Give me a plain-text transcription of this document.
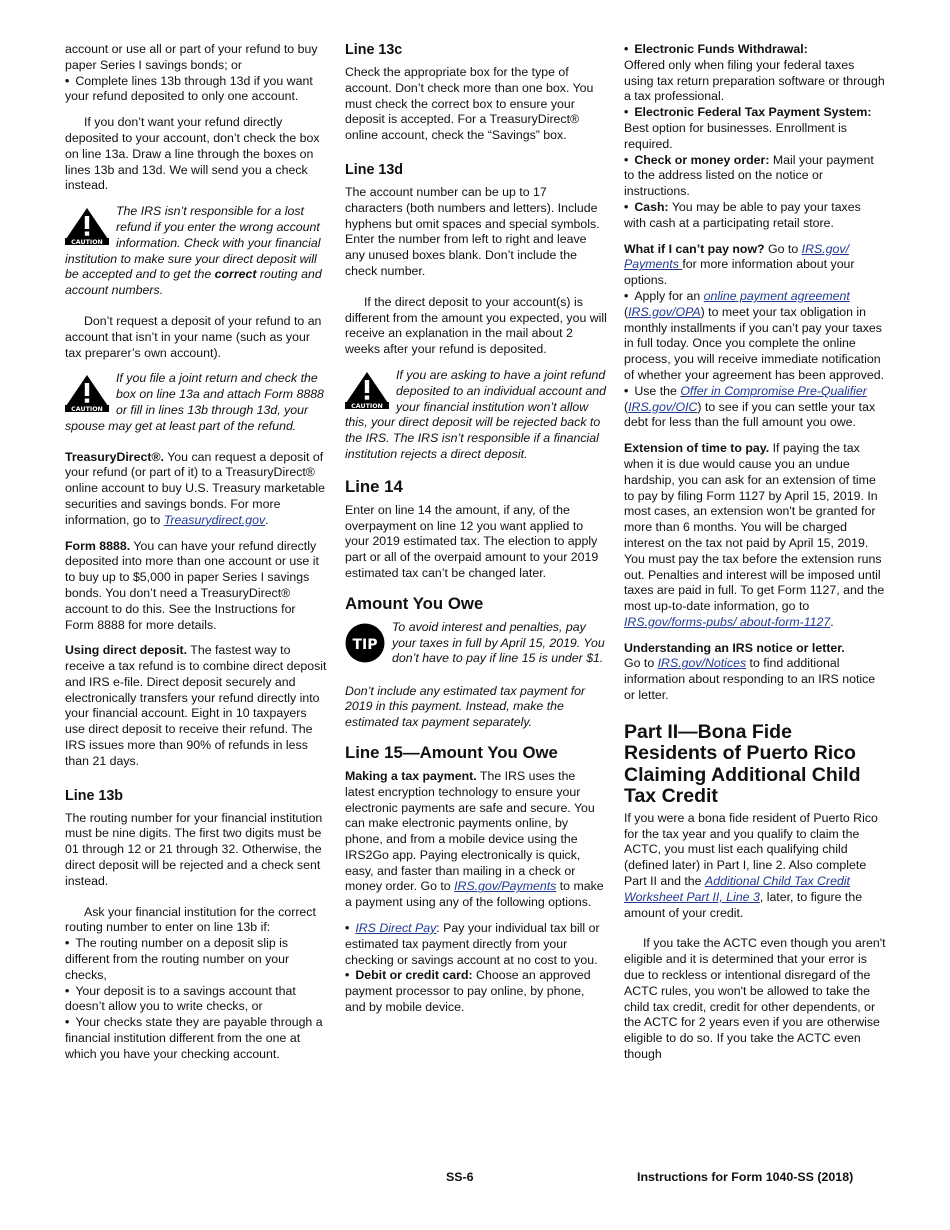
account or use all or part of your refund to buy paper Series I savings bonds; or

• Complete lines 13b through 13d if you want your refund deposited to only one account.

If you don’t want your refund directly deposited to your account, don’t check the box on line 13a. Draw a line through the boxes on lines 13b and 13d. We will send you a check instead.

CAUTION

The IRS isn’t responsible for a lost refund if you enter the wrong account information. Check with your financial institution to make sure your direct deposit will be accepted and to get the correct routing and account numbers.

Don’t request a deposit of your refund to an account that isn’t in your name (such as your tax preparer’s own account).

CAUTION

If you file a joint return and check the box on line 13a and attach Form 8888 or fill in lines 13b through 13d, your spouse may get at least part of the refund.

TreasuryDirect®. You can request a deposit of your refund (or part of it) to a TreasuryDirect® online account to buy U.S. Treasury marketable securities and savings bonds. For more information, go to Treasurydirect.gov.

Form 8888. You can have your refund directly deposited into more than one account or use it to buy up to $5,000 in paper Series I savings bonds. You don’t need a TreasuryDirect® account to do this. See the Instructions for Form 8888 for more details.

Using direct deposit. The fastest way to receive a tax refund is to combine direct deposit and IRS e-file. Direct deposit securely and electronically transfers your refund directly into your financial account. Eight in 10 taxpayers use direct deposit to receive their refund. The IRS issues more than 90% of refunds in less than 21 days.

Line 13b

The routing number for your financial institution must be nine digits. The first two digits must be 01 through 12 or 21 through 32. Otherwise, the direct deposit will be rejected and a check sent instead.

Ask your financial institution for the correct routing number to enter on line 13b if:

• The routing number on a deposit slip is different from the routing number on your checks,

• Your deposit is to a savings account that doesn’t allow you to write checks, or

• Your checks state they are payable through a financial institution different from the one at which you have your checking account.

Line 13c

Check the appropriate box for the type of account. Don’t check more than one box. You must check the correct box to ensure your deposit is accepted. For a TreasuryDirect® online account, check the “Savings” box.

Line 13d

The account number can be up to 17 characters (both numbers and letters). Include hyphens but omit spaces and special symbols. Enter the number from left to right and leave any unused boxes blank. Don’t include the check number.

If the direct deposit to your account(s) is different from the amount you expected, you will receive an explanation in the mail about 2 weeks after your refund is deposited.

CAUTION

If you are asking to have a joint refund deposited to an individual account and your financial institution won’t allow this, your direct deposit will be rejected back to the IRS. The IRS isn’t responsible if a financial institution rejects a direct deposit.

Line 14

Enter on line 14 the amount, if any, of the overpayment on line 12 you want applied to your 2019 estimated tax. The election to apply part or all of the overpaid amount to your 2019 estimated tax can’t be changed later.

Amount You Owe
TIP

To avoid interest and penalties, pay your taxes in full by April 15, 2019. You don’t have to pay if line 15 is under $1.

Don’t include any estimated tax payment for 2019 in this payment. Instead, make the estimated tax payment separately.

Line 15—Amount You Owe

Making a tax payment. The IRS uses the latest encryption technology to ensure your electronic payments are safe and secure. You can make electronic payments online, by phone, and from a mobile device using the IRS2Go app. Paying electronically is quick, easy, and faster than mailing in a check or money order. Go to IRS.gov/Payments to make a payment using any of the following options.

• IRS Direct Pay: Pay your individual tax bill or estimated tax payment directly from your checking or savings account at no cost to you.

• Debit or credit card: Choose an approved payment processor to pay online, by phone, and by mobile device.

• Electronic Funds Withdrawal:
Offered only when filing your federal taxes using tax return preparation software or through a tax professional.

• Electronic Federal Tax Payment System: Best option for businesses. Enrollment is required.

• Check or money order: Mail your payment to the address listed on the notice or instructions.

• Cash: You may be able to pay your taxes with cash at a participating retail store.

What if I can’t pay now? Go to IRS.gov/ Payments for more information about your options.

• Apply for an online payment agreement (IRS.gov/OPA) to meet your tax obligation in monthly installments if you can’t pay your taxes in full today. Once you complete the online process, you will receive immediate notification of whether your agreement has been approved.

• Use the Offer in Compromise Pre-Qualifier (IRS.gov/OIC) to see if you can settle your tax debt for less than the full amount you owe.

Extension of time to pay. If paying the tax when it is due would cause you an undue hardship, you can ask for an extension of time to pay by filing Form 1127 by April 15, 2019. In most cases, an extension won't be granted for more than 6 months. You will be charged interest on the tax not paid by April 15, 2019. You must pay the tax before the extension runs out. Penalties and interest will be imposed until taxes are paid in full. To get Form 1127, and the most up-to-date information, go to IRS.gov/forms-pubs/ about-form-1127.

Understanding an IRS notice or letter.
Go to IRS.gov/Notices to find additional information about responding to an IRS notice or letter.

Part II—Bona Fide Residents of Puerto Rico Claiming Additional Child Tax Credit

If you were a bona fide resident of Puerto Rico for the tax year and you qualify to claim the ACTC, you must list each qualifying child (defined later) in Part I, line 2. Also complete Part II and the Additional Child Tax Credit Worksheet Part II, Line 3, later, to figure the amount of your credit.

If you take the ACTC even though you aren't eligible and it is determined that your error is due to reckless or intentional disregard of the ACTC rules, you won't be allowed to take the child tax credit, credit for other dependents, or the ACTC for 2 years even if you are otherwise eligible to do so. If you take the ACTC even though

SS-6	Instructions for Form 1040-SS (2018)
